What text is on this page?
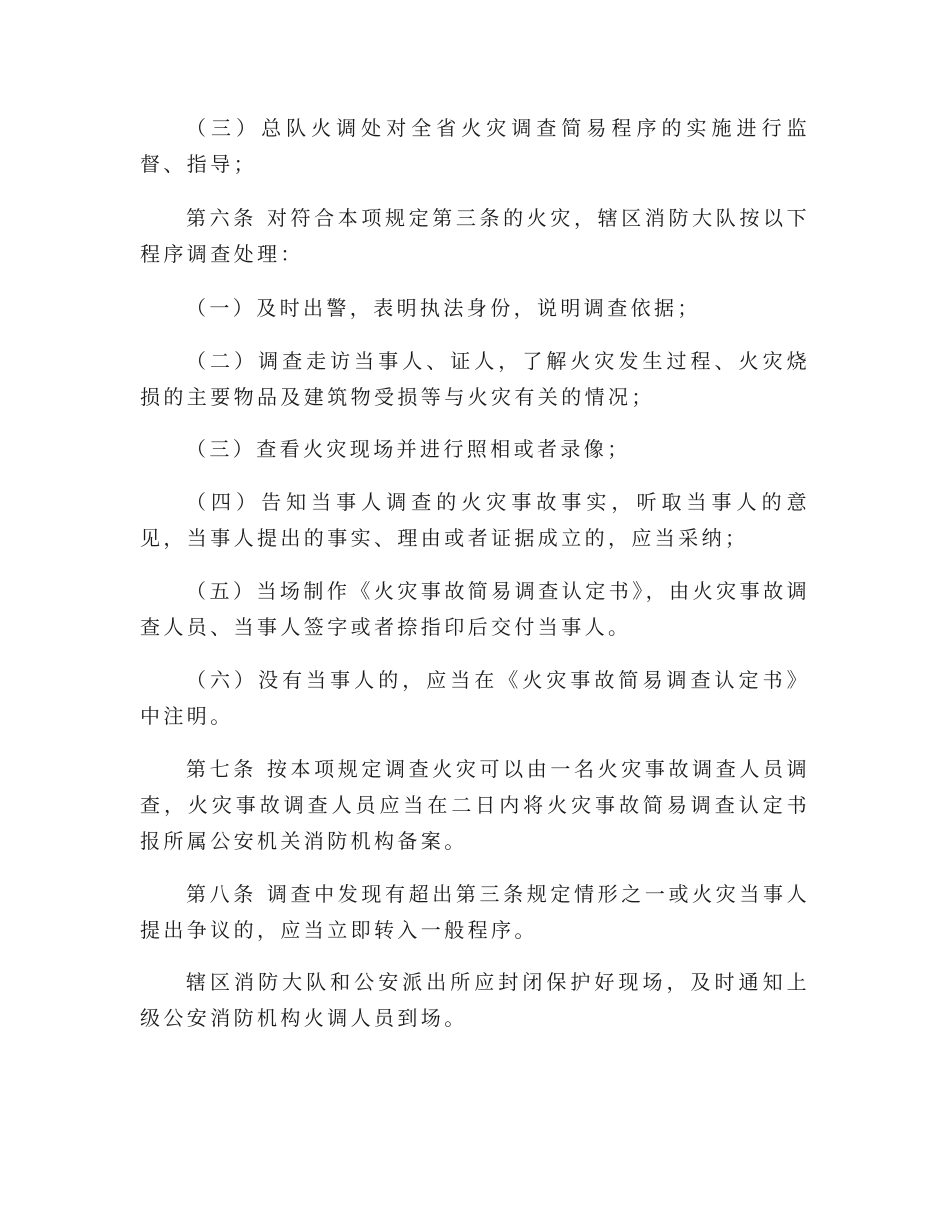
（三）总队火调处对全省火灾调查简易程序的实施进行监督、指导；

第六条 对符合本项规定第三条的火灾，辖区消防大队按以下程序调查处理：

（一）及时出警，表明执法身份，说明调查依据；

（二）调查走访当事人、证人，了解火灾发生过程、火灾烧损的主要物品及建筑物受损等与火灾有关的情况；

（三）查看火灾现场并进行照相或者录像；

（四）告知当事人调查的火灾事故事实，听取当事人的意见，当事人提出的事实、理由或者证据成立的，应当采纳；

（五）当场制作《火灾事故简易调查认定书》，由火灾事故调查人员、当事人签字或者捺指印后交付当事人。

（六）没有当事人的，应当在《火灾事故简易调查认定书》中注明。

第七条 按本项规定调查火灾可以由一名火灾事故调查人员调查，火灾事故调查人员应当在二日内将火灾事故简易调查认定书报所属公安机关消防机构备案。

第八条 调查中发现有超出第三条规定情形之一或火灾当事人提出争议的，应当立即转入一般程序。

辖区消防大队和公安派出所应封闭保护好现场，及时通知上级公安消防机构火调人员到场。
